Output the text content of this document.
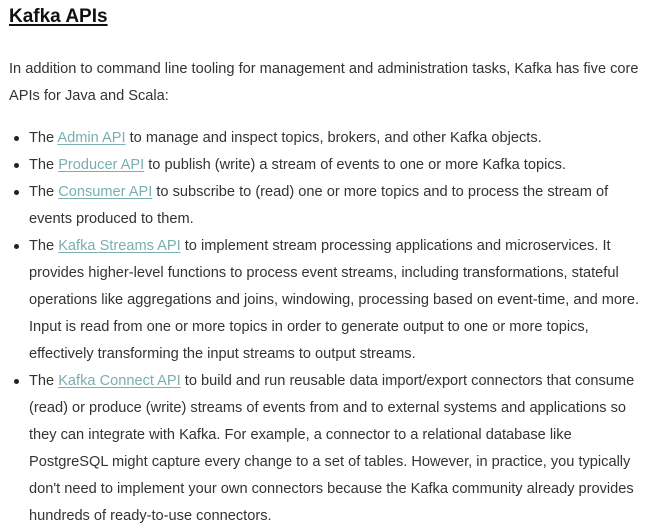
Kafka APIs

In addition to command line tooling for management and administration tasks, Kafka has five core APIs for Java and Scala:

The Admin API to manage and inspect topics, brokers, and other Kafka objects.
The Producer API to publish (write) a stream of events to one or more Kafka topics.
The Consumer API to subscribe to (read) one or more topics and to process the stream of events produced to them.
The Kafka Streams API to implement stream processing applications and microservices. It provides higher-level functions to process event streams, including transformations, stateful operations like aggregations and joins, windowing, processing based on event-time, and more. Input is read from one or more topics in order to generate output to one or more topics, effectively transforming the input streams to output streams.
The Kafka Connect API to build and run reusable data import/export connectors that consume (read) or produce (write) streams of events from and to external systems and applications so they can integrate with Kafka. For example, a connector to a relational database like PostgreSQL might capture every change to a set of tables. However, in practice, you typically don't need to implement your own connectors because the Kafka community already provides hundreds of ready-to-use connectors.
